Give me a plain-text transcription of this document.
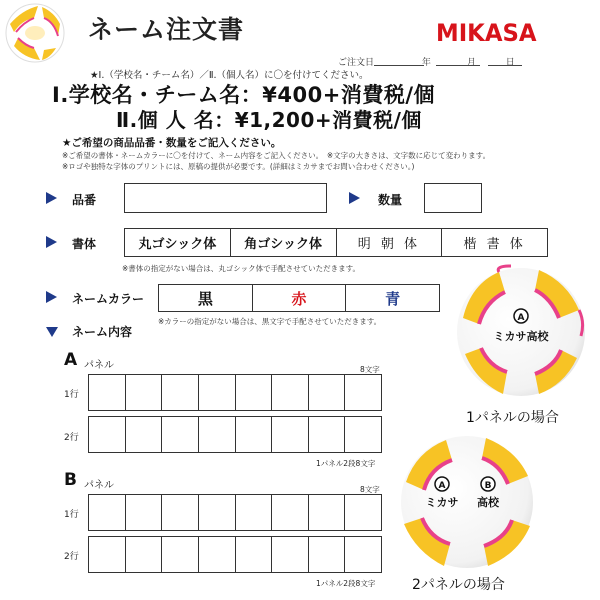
ネーム注文書	MIKASA
ご注文日　　　　　 年　　　　月　　　 日
★Ⅰ.（学校名・チーム名）／Ⅱ.（個人名）に〇を付けてください。
Ⅰ.学校名・チーム名：¥400+消費税/個
Ⅱ.個 人 名：¥1,200+消費税/個
★ご希望の商品品番・数量をご記入ください。
※ご希望の書体・ネームカラーに〇を付けて、ネーム内容をご記入ください。　※文字の大きさは、文字数に応じて変わります。
※ロゴや独特な字体のプリントには、原稿の提供が必要です。(詳細はミカサまでお問い合わせください。)
品番	数量
書体	丸ゴシック体	角ゴシック体	明 朝 体	楷 書 体
※書体の指定がない場合は、丸ゴシック体で手配させていただきます。
ネームカラー	黒	赤	青
※カラーの指定がない場合は、黒文字で手配させていただきます。
ネーム内容
A パネル	8文字
1行
2行
1パネル2段8文字
B パネル	8文字
1行
2行
1パネル2段8文字
A
ミカサ高校
1パネルの場合
A	B
ミカサ 高校
2パネルの場合
